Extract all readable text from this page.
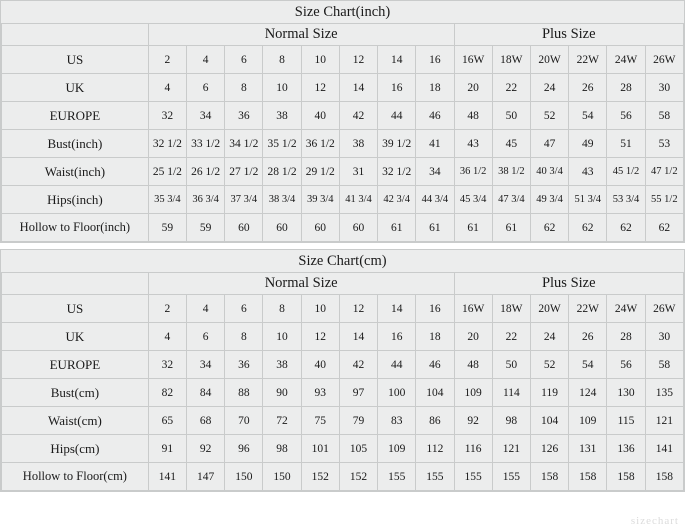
Size Chart(inch)														
	Normal Size								Plus Size					
US	2	4	6	8	10	12	14	16	16W	18W	20W	22W	24W	26W
UK	4	6	8	10	12	14	16	18	20	22	24	26	28	30
EUROPE	32	34	36	38	40	42	44	46	48	50	52	54	56	58
Bust(inch)	32 1/2	33 1/2	34 1/2	35 1/2	36 1/2	38	39 1/2	41	43	45	47	49	51	53
Waist(inch)	25 1/2	26 1/2	27 1/2	28 1/2	29 1/2	31	32 1/2	34	36 1/2	38 1/2	40 3/4	43	45 1/2	47 1/2
Hips(inch)	35 3/4	36 3/4	37 3/4	38 3/4	39 3/4	41 3/4	42 3/4	44 3/4	45 3/4	47 3/4	49 3/4	51 3/4	53 3/4	55 1/2
Hollow to Floor(inch)	59	59	60	60	60	60	61	61	61	61	62	62	62	62
Size Chart(cm)														
	Normal Size								Plus Size					
US	2	4	6	8	10	12	14	16	16W	18W	20W	22W	24W	26W
UK	4	6	8	10	12	14	16	18	20	22	24	26	28	30
EUROPE	32	34	36	38	40	42	44	46	48	50	52	54	56	58
Bust(cm)	82	84	88	90	93	97	100	104	109	114	119	124	130	135
Waist(cm)	65	68	70	72	75	79	83	86	92	98	104	109	115	121
Hips(cm)	91	92	96	98	101	105	109	112	116	121	126	131	136	141
Hollow to Floor(cm)	141	147	150	150	152	152	155	155	155	155	158	158	158	158
sizechart
